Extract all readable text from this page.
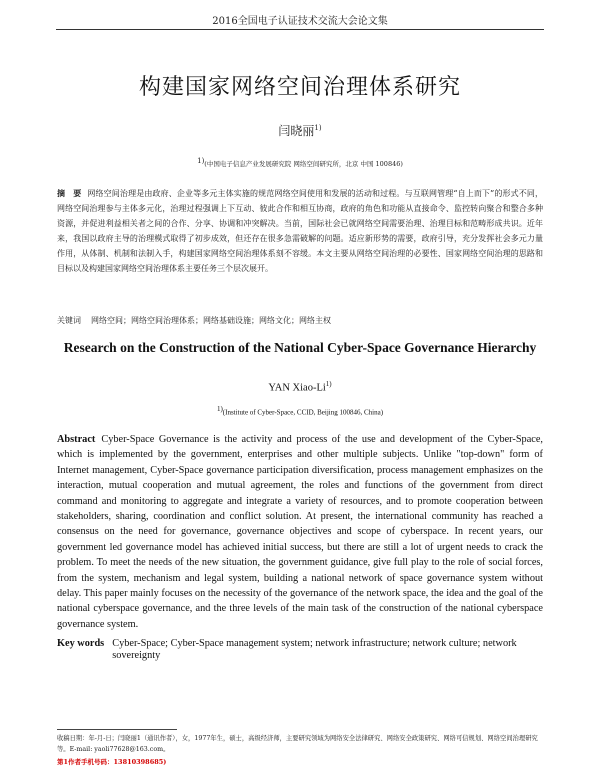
2016全国电子认证技术交流大会论文集
构建国家网络空间治理体系研究
闫晓丽$^{1)}$
$^{1)}$(中国电子信息产业发展研究院 网络空间研究所，北京 中国 100846)
摘　要 网络空间治理是由政府、企业等多元主体实施的规范网络空间使用和发展的活动和过程。与互联网管理“自上而下”的形式不同，网络空间治理参与主体多元化，治理过程强调上下互动、彼此合作和相互协商，政府的角色和功能从直接命令、监控转向聚合和整合多种资源，并促进利益相关者之间的合作、分享、协调和冲突解决。当前，国际社会已就网络空间需要治理、治理目标和范畴形成共识。近年来，我国以政府主导的治理模式取得了初步成效，但还存在很多急需破解的问题。适应新形势的需要，政府引导，充分发挥社会多元力量作用，从体制、机制和法制入手，构建国家网络空间治理体系刻不容缓。本文主要从网络空间治理的必要性、国家网络空间治理的思路和目标以及构建国家网络空间治理体系主要任务三个层次展开。
关键词 网络空间；网络空间治理体系；网络基础设施；网络文化；网络主权
Research on the Construction of the National Cyber-Space Governance Hierarchy
YAN Xiao-Li$^{1)}$
$^{1)}$(Institute of Cyber-Space, CCID, Beijing 100846, China)
Abstract Cyber-Space Governance is the activity and process of the use and development of the Cyber-Space, which is implemented by the government, enterprises and other multiple subjects. Unlike "top-down" form of Internet management, Cyber-Space governance participation diversification, process management emphasizes on the interaction, mutual cooperation and mutual agreement, the roles and functions of the government from direct command and monitoring to aggregate and integrate a variety of resources, and to promote cooperation between stakeholders, sharing, coordination and conflict solution. At present, the international community has reached a consensus on the need for governance, governance objectives and scope of cyberspace. In recent years, our government led governance model has achieved initial success, but there are still a lot of urgent needs to crack the problem. To meet the needs of the new situation, the government guidance, give full play to the role of social forces, from the system, mechanism and legal system, building a national network of space governance system without delay. This paper mainly focuses on the necessity of the governance of the network space, the idea and the goal of the national cyberspace governance, and the three levels of the main task of the construction of the national cyberspace governance system.
Key words Cyber-Space; Cyber-Space management system; network infrastructure; network culture; network sovereignty
收稿日期：年-月-日；闫晓丽1（通讯作者），女，1977年生，硕士，高级经济师，主要研究领域为网络安全法律研究、网络安全政策研究、网络可信规划、网络空间治理研究等。E-mail: yaoli77628@163.com。
第1作者手机号码：13810398685)
